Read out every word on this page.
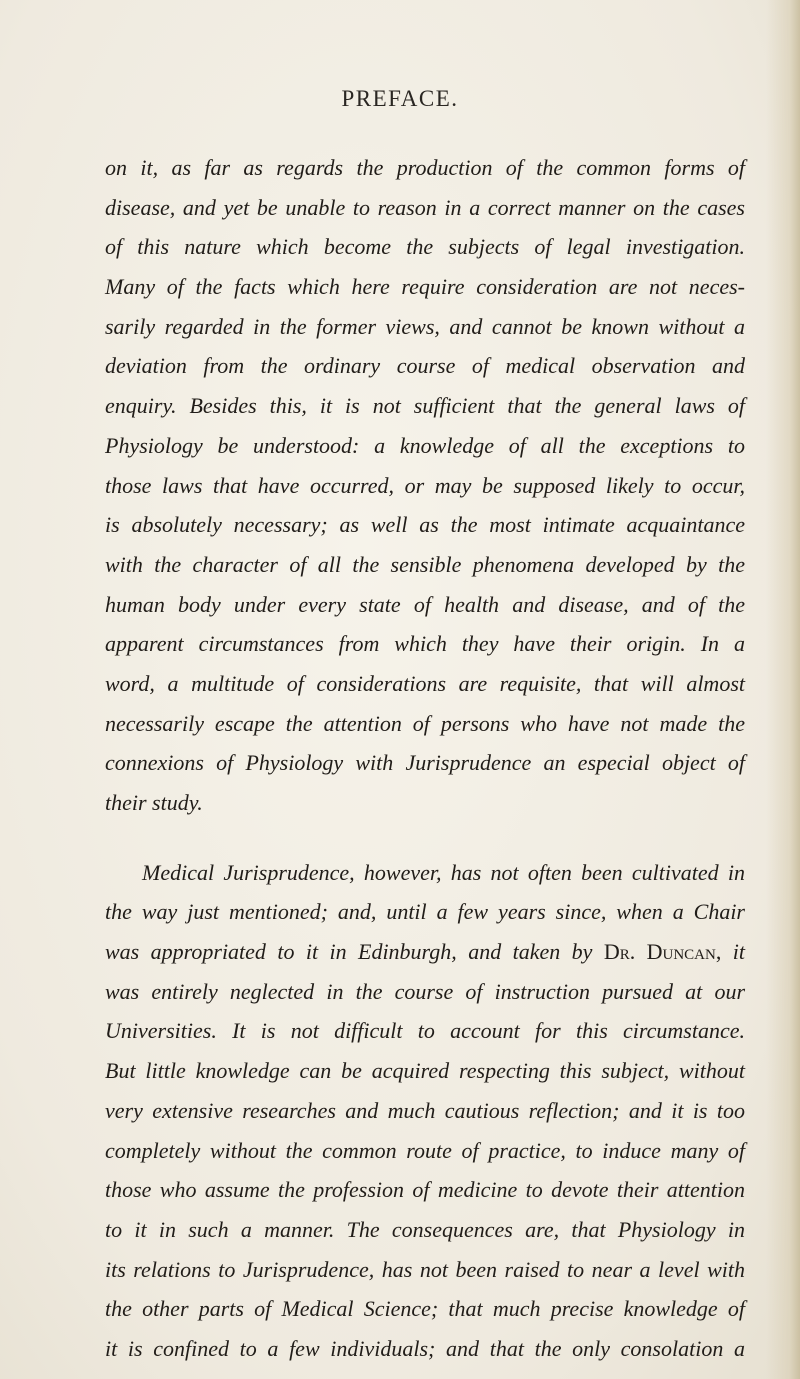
PREFACE.
on it, as far as regards the production of the common forms of
disease, and yet be unable to reason in a correct manner on the cases
of this nature which become the subjects of legal investigation.
Many of the facts which here require consideration are not neces-
sarily regarded in the former views, and cannot be known without a
deviation from the ordinary course of medical observation and
enquiry. Besides this, it is not sufficient that the general laws of
Physiology be understood: a knowledge of all the exceptions to
those laws that have occurred, or may be supposed likely to occur,
is absolutely necessary; as well as the most intimate acquaintance
with the character of all the sensible phenomena developed by the
human body under every state of health and disease, and of the
apparent circumstances from which they have their origin. In a
word, a multitude of considerations are requisite, that will almost
necessarily escape the attention of persons who have not made the
connexions of Physiology with Jurisprudence an especial object of
their study.
Medical Jurisprudence, however, has not often been cultivated in
the way just mentioned; and, until a few years since, when a Chair
was appropriated to it in Edinburgh, and taken by Dr. Duncan, it
was entirely neglected in the course of instruction pursued at our
Universities. It is not difficult to account for this circumstance.
But little knowledge can be acquired respecting this subject, without
very extensive researches and much cautious reflection; and it is too
completely without the common route of practice, to induce many of
those who assume the profession of medicine to devote their attention
to it in such a manner. The consequences are, that Physiology in
its relations to Jurisprudence, has not been raised to near a level with
the other parts of Medical Science; that much precise knowledge of
it is confined to a few individuals; and that the only consolation a
